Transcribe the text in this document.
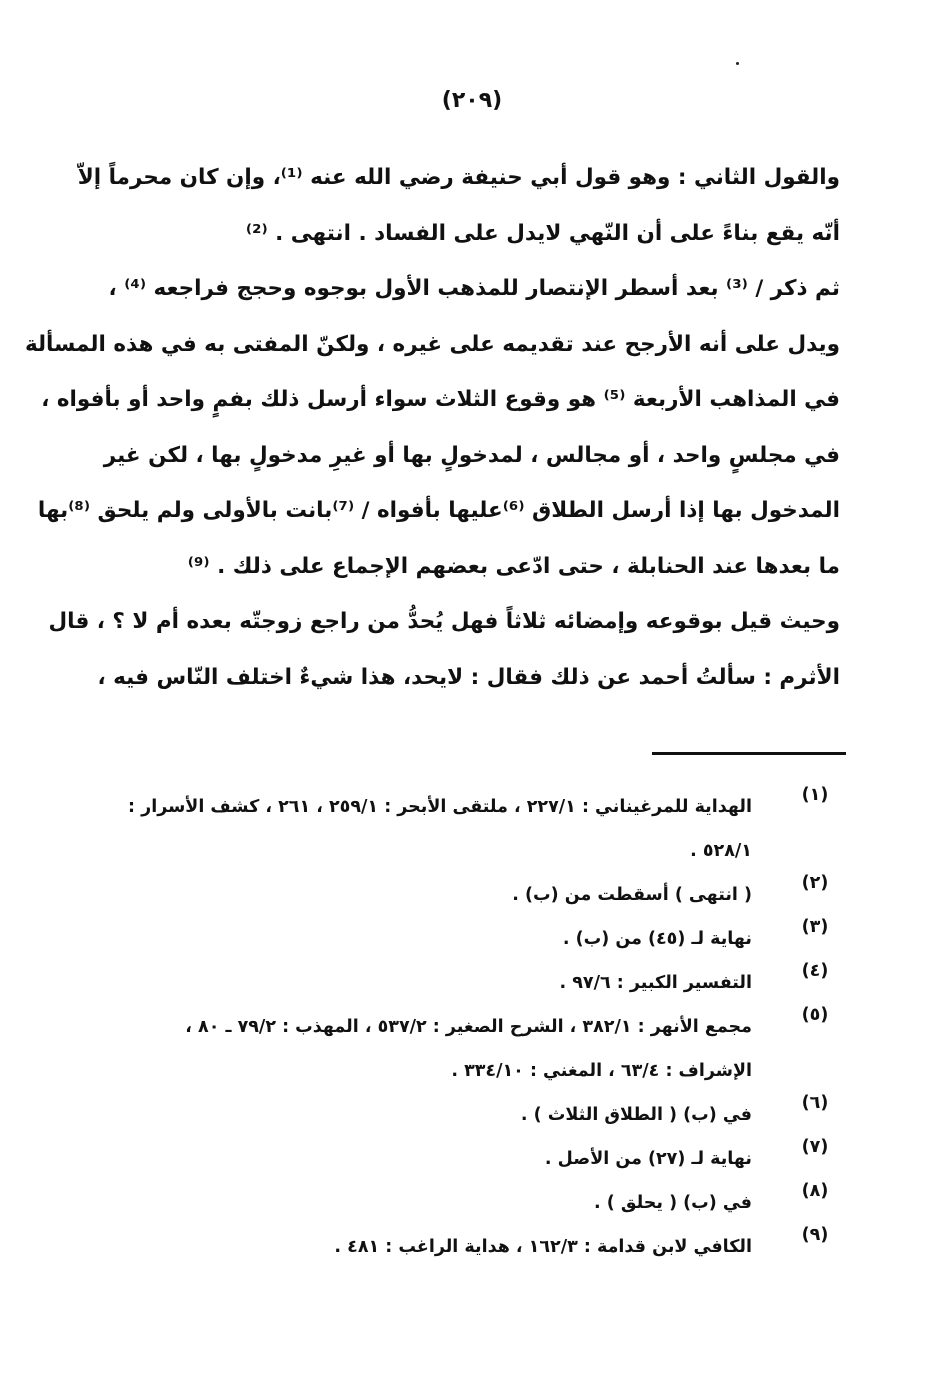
(٢٠٩)
والقول الثاني : وهو قول أبي حنيفة رضي الله عنه ⁽¹⁾، وإن كان محرماً إلاّ
أنّه يقع بناءً على أن النّهي لايدل على الفساد . انتهى . ⁽²⁾
ثم ذكر / ⁽³⁾ بعد أسطر الإنتصار للمذهب الأول بوجوه وحجج فراجعه ⁽⁴⁾ ،
ويدل على أنه الأرجح عند تقديمه على غيره ، ولكنّ المفتى به في هذه المسألة
في المذاهب الأربعة ⁽⁵⁾ هو وقوع الثلاث سواء أرسل ذلك بفمٍ واحد أو بأفواه ،
في مجلسٍ واحد ، أو مجالس ، لمدخولٍ بها أو غيرِ مدخولٍ بها ، لكن غير
المدخول بها إذا أرسل الطلاق ⁽⁶⁾عليها بأفواه / ⁽⁷⁾بانت بالأولى ولم يلحق ⁽⁸⁾بها
ما بعدها عند الحنابلة ، حتى ادّعى بعضهم الإجماع على ذلك . ⁽⁹⁾
وحيث قيل بوقوعه وإمضائه ثلاثاً فهل يُحدُّ من راجع زوجتّه بعده أم لا ؟ ، قال
الأثرم : سألتُ أحمد عن ذلك فقال : لايحد، هذا شيءٌ اختلف النّاس فيه ،
(١)
الهداية للمرغيناني : ٢٢٧/١ ، ملتقى الأبحر : ٢٥٩/١ ، ٢٦١ ، كشف الأسرار :
٥٢٨/١ .
(٢)
( انتهى ) أسقطت من (ب) .
(٣)
نهاية لـ (٤٥) من (ب) .
(٤)
التفسير الكبير : ٩٧/٦ .
(٥)
مجمع الأنهر : ٣٨٢/١ ، الشرح الصغير : ٥٣٧/٢ ، المهذب : ٧٩/٢ ـ ٨٠ ،
الإشراف : ٦٣/٤ ، المغني : ٣٣٤/١٠ .
(٦)
في (ب) ( الطلاق الثلاث ) .
(٧)
نهاية لـ (٢٧) من الأصل .
(٨)
في (ب) ( يحلق ) .
(٩)
الكافي لابن قدامة : ١٦٢/٣ ، هداية الراغب : ٤٨١ .
